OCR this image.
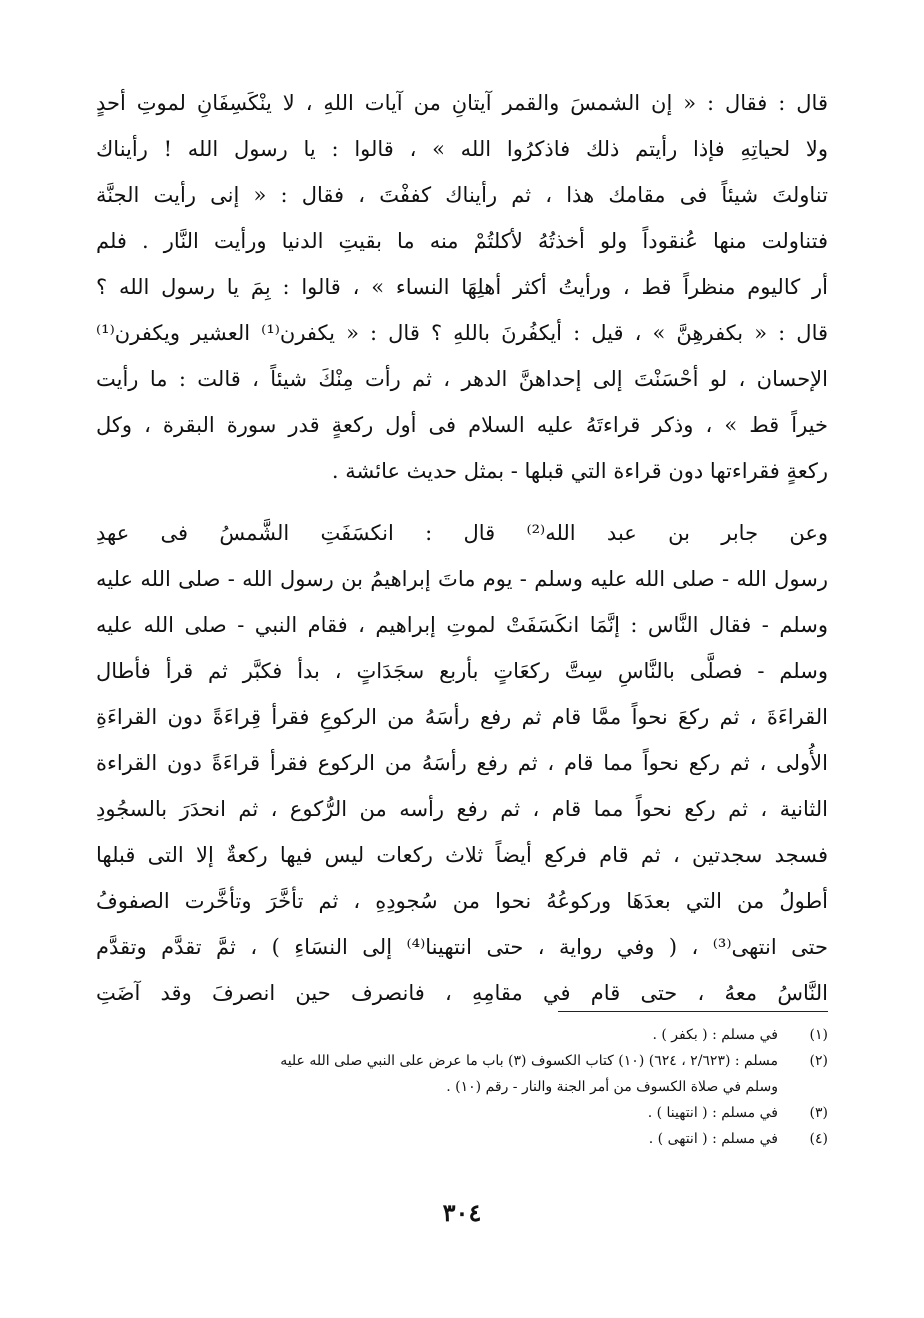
قال : فقال : « إن الشمسَ والقمر آيتانِ من آيات اللهِ ، لا ينْكَسِفَانِ لموتِ أحدٍ
ولا لحياتِهِ فإذا رأيتم ذلك فاذكرُوا الله » ، قالوا : يا رسول الله ! رأيناك
تناولتَ شيئاً فى مقامك هذا ، ثم رأيناك كففْتَ ، فقال : « إنى رأيت الجنَّة
فتناولت منها عُنقوداً ولو أخذتُهُ لأكلتُمْ منه ما بقيتِ الدنيا ورأيت النَّار . فلم
أر كاليوم منظراً قط ، ورأيتُ أكثر أهلِهَا النساء » ، قالوا : بِمَ يا رسول الله ؟
قال : « بكفرهِنَّ » ، قيل : أيكفُرنَ باللهِ ؟ قال : « يكفرن⁽¹⁾ العشير ويكفرن⁽¹⁾
الإحسان ، لو أحْسَنْتَ إلى إحداهنَّ الدهر ، ثم رأت مِنْكَ شيئاً ، قالت : ما رأيت
خيراً قط » ، وذكر قراءتَهُ عليه السلام فى أول ركعةٍ قدر سورة البقرة ، وكل
ركعةٍ فقراءتها دون قراءة التي قبلها - بمثل حديث عائشة .
وعن جابر بن عبد الله⁽²⁾ قال : انكسَفَتِ الشَّمسُ فى عهدِ
رسول الله - صلى الله عليه وسلم - يوم ماتَ إبراهيمُ بن رسول الله - صلى الله عليه
وسلم - فقال النَّاس : إنَّمَا انكَسَفَتْ لموتِ إبراهيم ، فقام النبي - صلى الله عليه
وسلم - فصلَّى بالنَّاسِ سِتَّ ركعَاتٍ بأربع سجَدَاتٍ ، بدأ فكبَّر ثم قرأ فأطال
القراءَةَ ، ثم ركعَ نحواً ممَّا قام ثم رفع رأسَهُ من الركوعِ فقرأ قِراءَةً دون القراءَةِ
الأُولى ، ثم ركع نحواً مما قام ، ثم رفع رأسَهُ من الركوع فقرأ قراءَةً دون القراءة
الثانية ، ثم ركع نحواً مما قام ، ثم رفع رأسه من الرُّكوع ، ثم انحدَرَ بالسجُودِ
فسجد سجدتين ، ثم قام فركع أيضاً ثلاث ركعات ليس فيها ركعةٌ إلا التى قبلها
أطولُ من التي بعدَهَا وركوعُهُ نحوا من سُجودِهِ ، ثم تأخَّرَ وتأخَّرت الصفوفُ
حتى انتهى⁽³⁾ ، ( وفي رواية ، حتى انتهينا⁽⁴⁾ إلى النسَاءِ ) ، ثمَّ تقدَّم وتقدَّم
النَّاسُ معهُ ، حتى قام في مقامِهِ ، فانصرف حين انصرفَ وقد آضَتِ
(١)
في مسلم : ( بكفر ) .
(٢)
مسلم : (٢/٦٢٣ ، ٦٢٤) (١٠) كتاب الكسوف (٣) باب ما عرض على النبي صلى الله عليه
وسلم في صلاة الكسوف من أمر الجنة والنار - رقم (١٠) .
(٣)
في مسلم : ( انتهينا ) .
(٤)
في مسلم : ( انتهى ) .
٣٠٤
